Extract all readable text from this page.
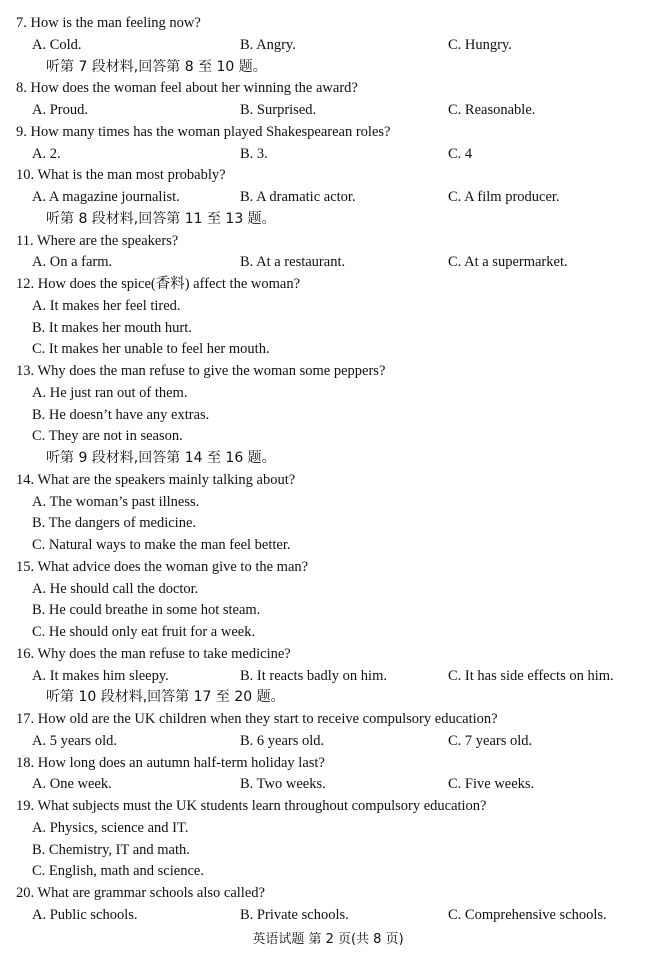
7. How is the man feeling now?
A. Cold.	B. Angry.	C. Hungry.
听第 7 段材料,回答第 8 至 10 题。
8. How does the woman feel about her winning the award?
A. Proud.	B. Surprised.	C. Reasonable.
9. How many times has the woman played Shakespearean roles?
A. 2.	B. 3.	C. 4
10. What is the man most probably?
A. A magazine journalist.	B. A dramatic actor.	C. A film producer.
听第 8 段材料,回答第 11 至 13 题。
11. Where are the speakers?
A. On a farm.	B. At a restaurant.	C. At a supermarket.
12. How does the spice(香料) affect the woman?
A. It makes her feel tired.
B. It makes her mouth hurt.
C. It makes her unable to feel her mouth.
13. Why does the man refuse to give the woman some peppers?
A. He just ran out of them.
B. He doesn’t have any extras.
C. They are not in season.
听第 9 段材料,回答第 14 至 16 题。
14. What are the speakers mainly talking about?
A. The woman’s past illness.
B. The dangers of medicine.
C. Natural ways to make the man feel better.
15. What advice does the woman give to the man?
A. He should call the doctor.
B. He could breathe in some hot steam.
C. He should only eat fruit for a week.
16. Why does the man refuse to take medicine?
A. It makes him sleepy.	B. It reacts badly on him.	C. It has side effects on him.
听第 10 段材料,回答第 17 至 20 题。
17. How old are the UK children when they start to receive compulsory education?
A. 5 years old.	B. 6 years old.	C. 7 years old.
18. How long does an autumn half-term holiday last?
A. One week.	B. Two weeks.	C. Five weeks.
19. What subjects must the UK students learn throughout compulsory education?
A. Physics, science and IT.
B. Chemistry, IT and math.
C. English, math and science.
20. What are grammar schools also called?
A. Public schools.	B. Private schools.	C. Comprehensive schools.
英语试题 第 2 页(共 8 页)
